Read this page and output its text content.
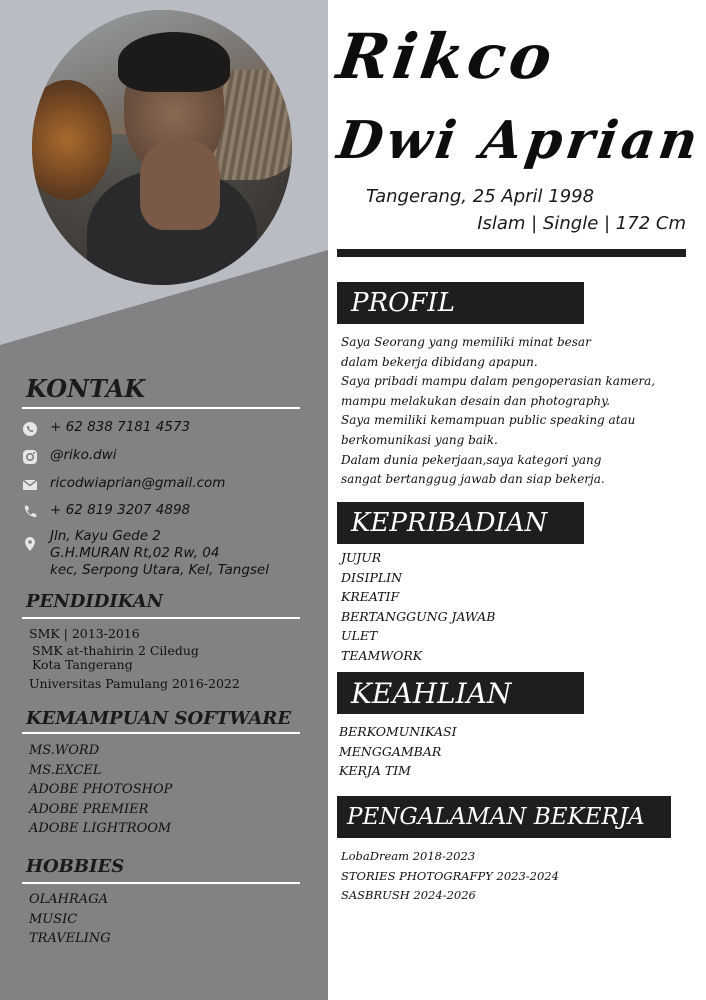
KONTAK
+ 62 838 7181 4573
@riko.dwi
ricodwiaprian@gmail.com
+ 62 819 3207 4898
Jln, Kayu Gede 2
G.H.MURAN Rt,02 Rw, 04
kec, Serpong Utara, Kel, Tangsel
PENDIDIKAN

SMK | 2013-2016

SMK at-thahirin 2 Ciledug

Kota Tangerang

Universitas Pamulang 2016-2022

KEMAMPUAN SOFTWARE
MS.WORD
MS.EXCEL
ADOBE PHOTOSHOP
ADOBE PREMIER
ADOBE LIGHTROOM
HOBBIES
OLAHRAGA
MUSIC
TRAVELING
Rikco
Dwi Aprian

Tangerang, 25 April 1998

Islam | Single | 172 Cm

PROFIL
Saya Seorang yang memiliki minat besar
dalam bekerja dibidang apapun.
Saya pribadi mampu dalam pengoperasian kamera,
mampu melakukan desain dan photography.
Saya memiliki kemampuan public speaking atau
berkomunikasi yang baik.
Dalam dunia pekerjaan,saya kategori yang
sangat bertanggug jawab dan siap bekerja.
KEPRIBADIAN
JUJUR
DISIPLIN
KREATIF
BERTANGGUNG JAWAB
ULET
TEAMWORK
KEAHLIAN
BERKOMUNIKASI
MENGGAMBAR
KERJA TIM
PENGALAMAN BEKERJA
LobaDream 2018-2023
STORIES PHOTOGRAFPY 2023-2024
SASBRUSH 2024-2026
